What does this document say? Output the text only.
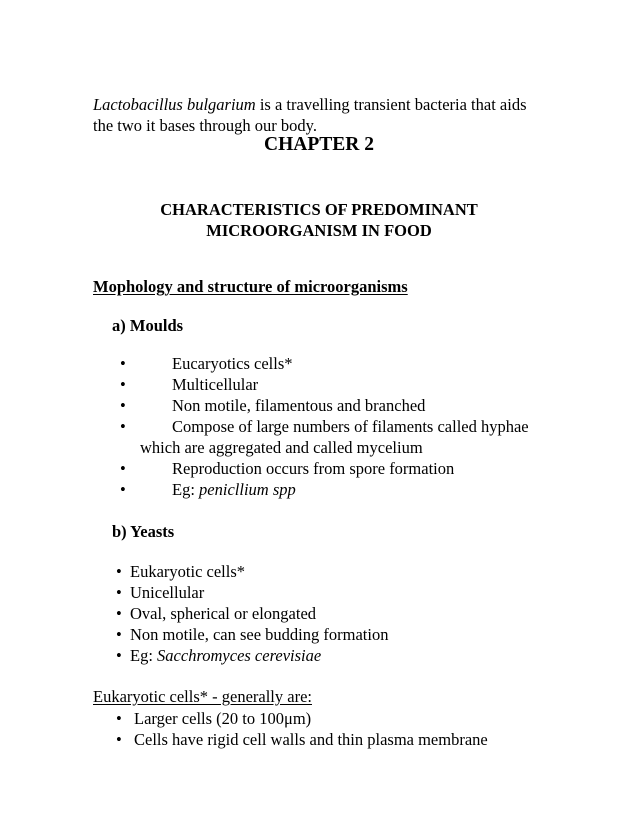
Lactobacillus bulgarium is a travelling transient bacteria that aids
the two it bases through our body.
CHAPTER 2
CHARACTERISTICS OF PREDOMINANT
MICROORGANISM IN FOOD
Mophology and structure of microorganisms
a) Moulds
•	Eucaryotics cells*
•	Multicellular
•	Non motile, filamentous and branched
•	Compose of large numbers of filaments called hyphae
which are aggregated and called mycelium
•	Reproduction occurs from spore formation
•	Eg: penicllium spp
b) Yeasts
• Eukaryotic cells*
• Unicellular
• Oval, spherical or elongated
• Non motile, can see budding formation
• Eg: Sacchromyces cerevisiae
Eukaryotic cells* - generally are:
• Larger cells (20 to 100μm)
• Cells have rigid cell walls and thin plasma membrane
